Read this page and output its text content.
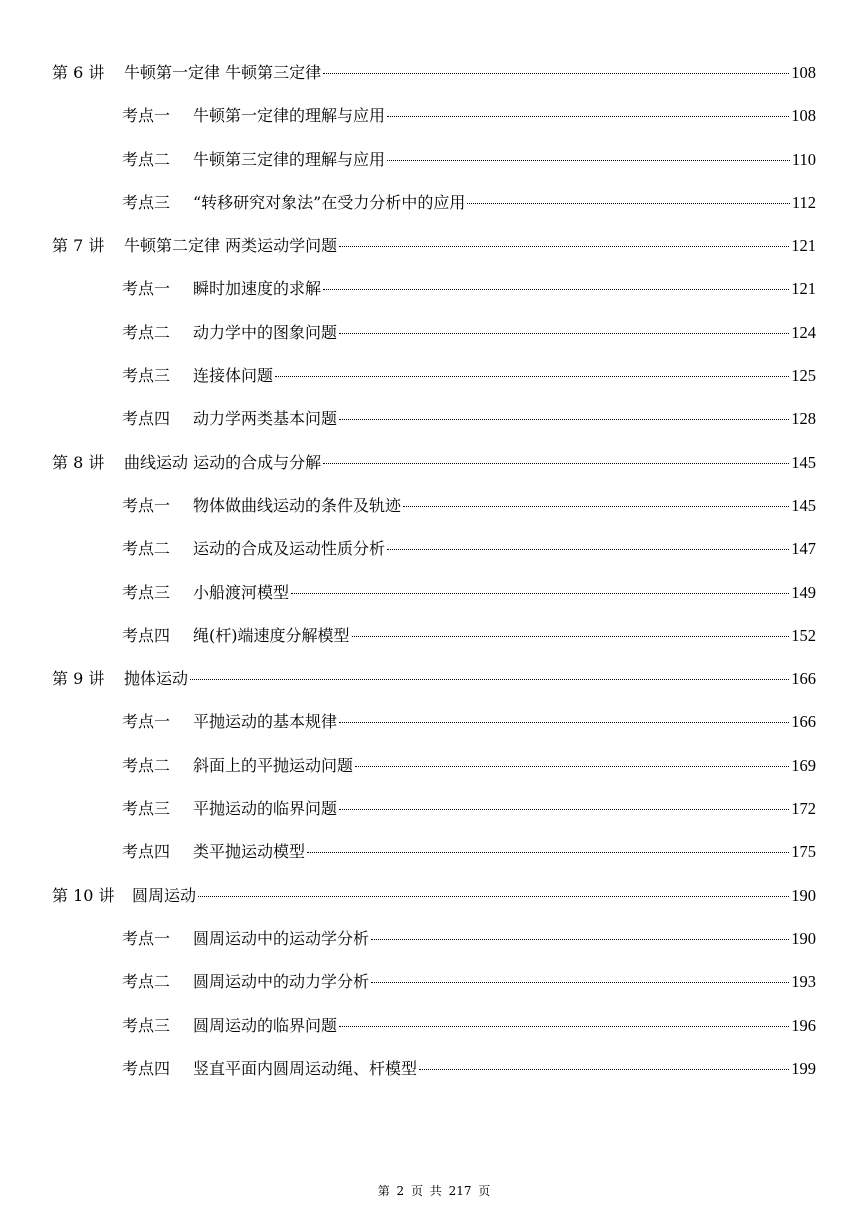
第 6 讲	牛顿第一定律 牛顿第三定律	108
考点一	牛顿第一定律的理解与应用	108
考点二	牛顿第三定律的理解与应用	110
考点三	“转移研究对象法”在受力分析中的应用	112
第 7 讲	牛顿第二定律 两类运动学问题	121
考点一	瞬时加速度的求解	121
考点二	动力学中的图象问题	124
考点三	连接体问题	125
考点四	动力学两类基本问题	128
第 8 讲	曲线运动 运动的合成与分解	145
考点一	物体做曲线运动的条件及轨迹	145
考点二	运动的合成及运动性质分析	147
考点三	小船渡河模型	149
考点四	绳(杆)端速度分解模型	152
第 9 讲	抛体运动	166
考点一	平抛运动的基本规律	166
考点二	斜面上的平抛运动问题	169
考点三	平抛运动的临界问题	172
考点四	类平抛运动模型	175
第 10 讲	圆周运动	190
考点一	圆周运动中的运动学分析	190
考点二	圆周运动中的动力学分析	193
考点三	圆周运动的临界问题	196
考点四	竖直平面内圆周运动绳、杆模型	199
第 2 页 共 217 页
